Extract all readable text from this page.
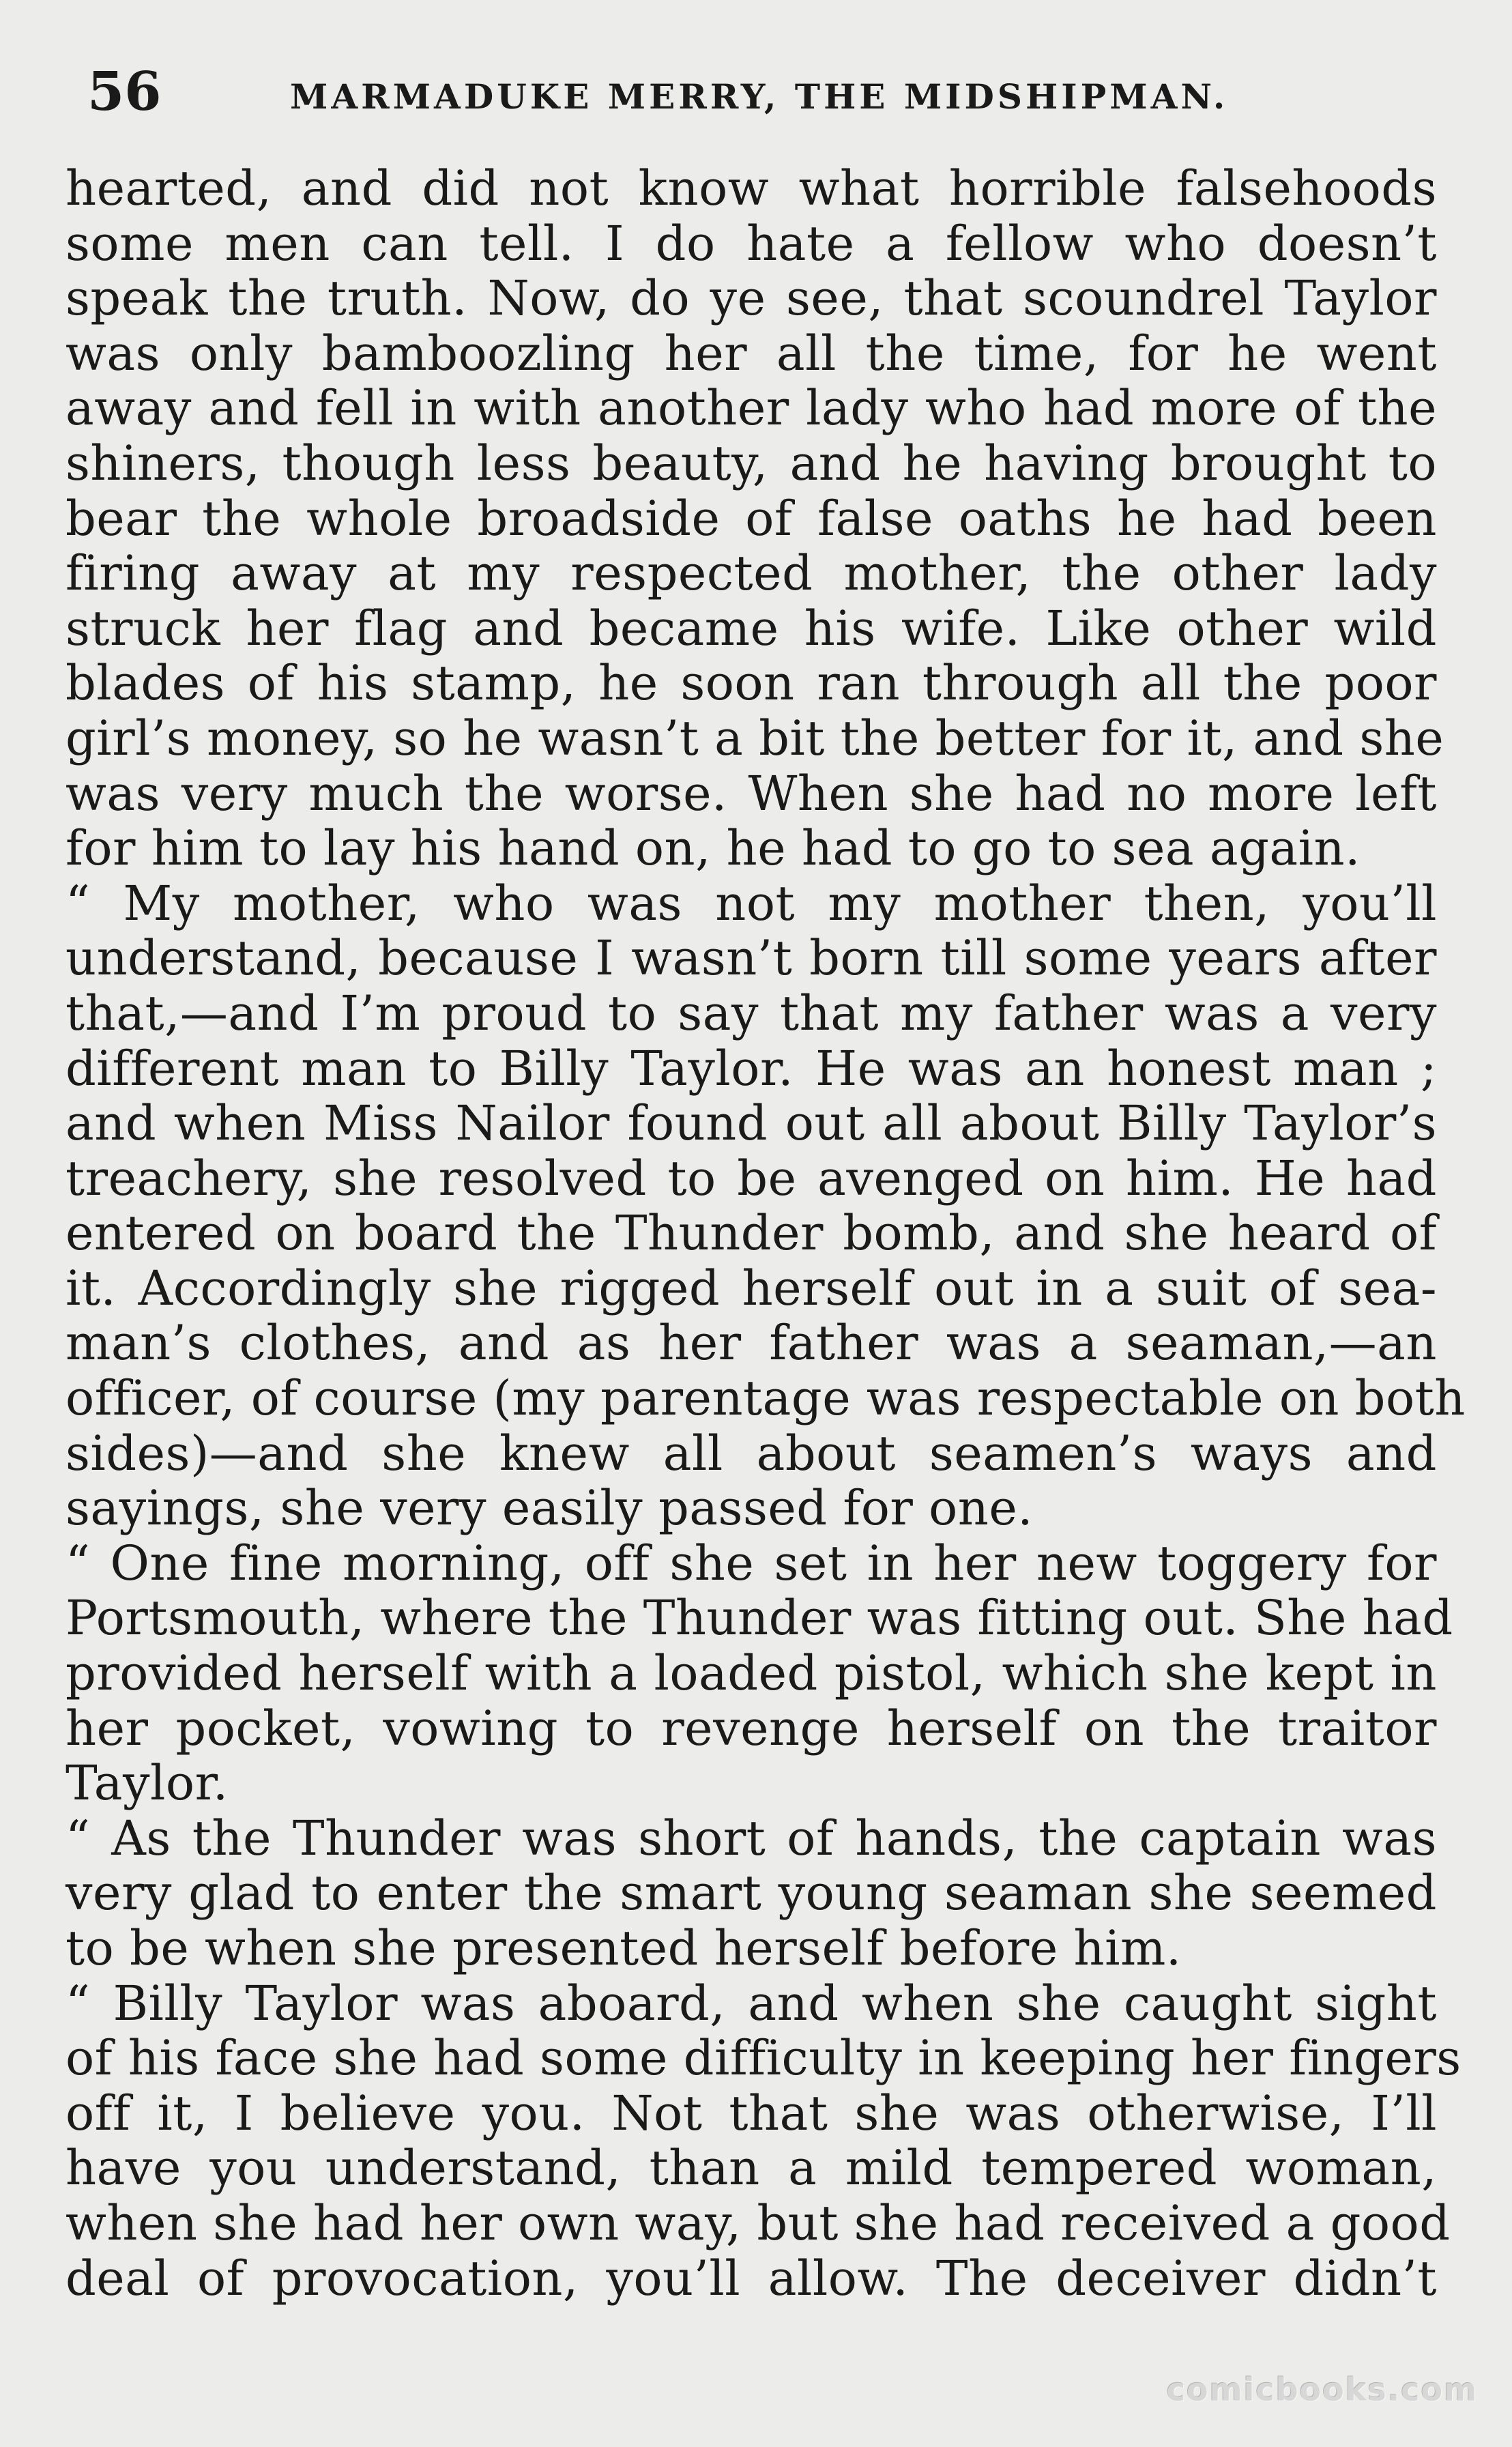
56	MARMADUKE MERRY, THE MIDSHIPMAN.
hearted, and did not know what horrible falsehoods
some men can tell. I do hate a fellow who doesn’t
speak the truth. Now, do ye see, that scoundrel Taylor
was only bamboozling her all the time, for he went
away and fell in with another lady who had more of the
shiners, though less beauty, and he having brought to
bear the whole broadside of false oaths he had been
firing away at my respected mother, the other lady
struck her flag and became his wife. Like other wild
blades of his stamp, he soon ran through all the poor
girl’s money, so he wasn’t a bit the better for it, and she
was very much the worse. When she had no more left
for him to lay his hand on, he had to go to sea again.
“ My mother, who was not my mother then, you’ll
understand, because I wasn’t born till some years after
that,—and I’m proud to say that my father was a very
different man to Billy Taylor. He was an honest man ;
and when Miss Nailor found out all about Billy Taylor’s
treachery, she resolved to be avenged on him. He had
entered on board the Thunder bomb, and she heard of
it. Accordingly she rigged herself out in a suit of sea-
man’s clothes, and as her father was a seaman,—an
officer, of course (my parentage was respectable on both
sides)—and she knew all about seamen’s ways and
sayings, she very easily passed for one.
“ One fine morning, off she set in her new toggery for
Portsmouth, where the Thunder was fitting out. She had
provided herself with a loaded pistol, which she kept in
her pocket, vowing to revenge herself on the traitor
Taylor.
“ As the Thunder was short of hands, the captain was
very glad to enter the smart young seaman she seemed
to be when she presented herself before him.
“ Billy Taylor was aboard, and when she caught sight
of his face she had some difficulty in keeping her fingers
off it, I believe you. Not that she was otherwise, I’ll
have you understand, than a mild tempered woman,
when she had her own way, but she had received a good
deal of provocation, you’ll allow. The deceiver didn’t
comicbooks.com
